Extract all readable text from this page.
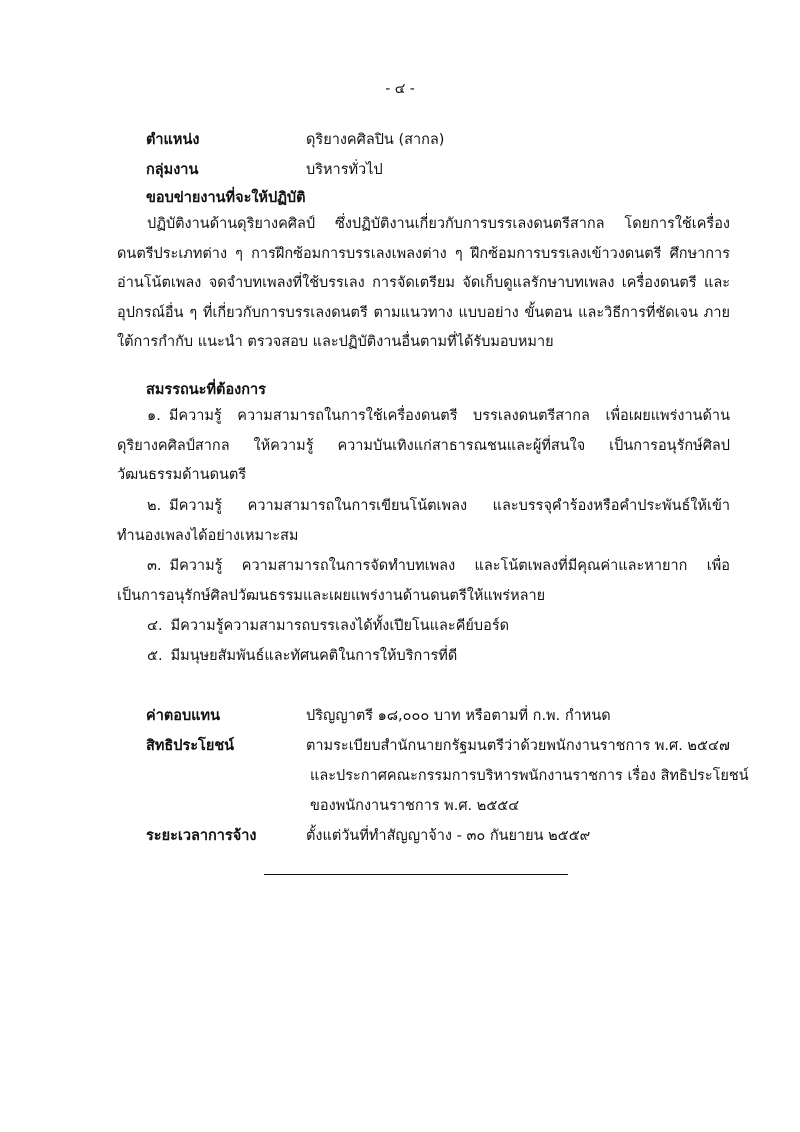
- ๔ -
ตำแหน่ง	ดุริยางคศิลปิน (สากล)
กลุ่มงาน	บริหารทั่วไป
ขอบข่ายงานที่จะให้ปฏิบัติ

ปฏิบัติงานด้านดุริยางคศิลป์ ซึ่งปฏิบัติงานเกี่ยวกับการบรรเลงดนตรีสากล โดยการใช้เครื่องดนตรีประเภทต่าง ๆ การฝึกซ้อมการบรรเลงเพลงต่าง ๆ ฝึกซ้อมการบรรเลงเข้าวงดนตรี ศึกษาการอ่านโน้ตเพลง จดจำบทเพลงที่ใช้บรรเลง การจัดเตรียม จัดเก็บดูแลรักษาบทเพลง เครื่องดนตรี และอุปกรณ์อื่น ๆ ที่เกี่ยวกับการบรรเลงดนตรี ตามแนวทาง แบบอย่าง ขั้นตอน และวิธีการที่ชัดเจน ภายใต้การกำกับ แนะนำ ตรวจสอบ และปฏิบัติงานอื่นตามที่ได้รับมอบหมาย

สมรรถนะที่ต้องการ

๑. มีความรู้ ความสามารถในการใช้เครื่องดนตรี บรรเลงดนตรีสากล เพื่อเผยแพร่งานด้านดุริยางคศิลป์สากล ให้ความรู้ ความบันเทิงแก่สาธารณชนและผู้ที่สนใจ เป็นการอนุรักษ์ศิลปวัฒนธรรมด้านดนตรี

๒. มีความรู้ ความสามารถในการเขียนโน้ตเพลง และบรรจุคำร้องหรือคำประพันธ์ให้เข้าทำนองเพลงได้อย่างเหมาะสม

๓. มีความรู้ ความสามารถในการจัดทำบทเพลง และโน้ตเพลงที่มีคุณค่าและหายาก เพื่อเป็นการอนุรักษ์ศิลปวัฒนธรรมและเผยแพร่งานด้านดนตรีให้แพร่หลาย

๔. มีความรู้ความสามารถบรรเลงได้ทั้งเปียโนและคีย์บอร์ด

๕. มีมนุษยสัมพันธ์และทัศนคติในการให้บริการที่ดี

ค่าตอบแทน	ปริญญาตรี ๑๘,๐๐๐ บาท หรือตามที่ ก.พ. กำหนด
สิทธิประโยชน์	ตามระเบียบสำนักนายกรัฐมนตรีว่าด้วยพนักงานราชการ พ.ศ. ๒๕๔๗
และประกาศคณะกรรมการบริหารพนักงานราชการ เรื่อง สิทธิประโยชน์
ของพนักงานราชการ พ.ศ. ๒๕๕๔
ระยะเวลาการจ้าง	ตั้งแต่วันที่ทำสัญญาจ้าง - ๓๐ กันยายน ๒๕๕๙
